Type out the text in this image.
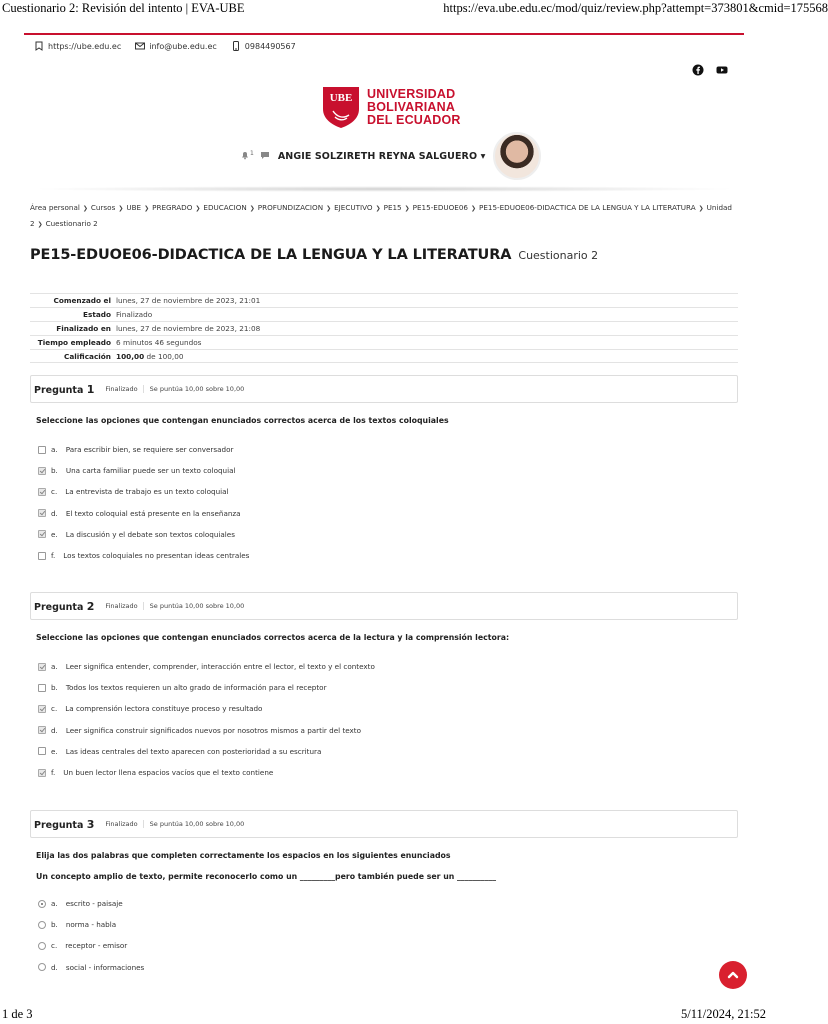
Cuestionario 2: Revisión del intento | EVA-UBE	https://eva.ube.edu.ec/mod/quiz/review.php?attempt=373801&cmid=175568
https://ube.edu.ec	info@ube.edu.ec	0984490567
UBE UNIVERSIDAD
BOLIVARIANA
DEL ECUADOR
$^1$	ANGIE SOLZIRETH REYNA SALGUERO ▾
Área personal ❯ Cursos ❯ UBE ❯ PREGRADO ❯ EDUCACION ❯ PROFUNDIZACION ❯ EJECUTIVO ❯ PE15 ❯ PE15-EDUOE06 ❯ PE15-EDUOE06-DIDACTICA DE LA LENGUA Y LA LITERATURA ❯ Unidad 2 ❯ Cuestionario 2
PE15-EDUOE06-DIDACTICA DE LA LENGUA Y LA LITERATURA Cuestionario 2
Comenzado el lunes, 27 de noviembre de 2023, 21:01
Estado Finalizado
Finalizado en lunes, 27 de noviembre de 2023, 21:08
Tiempo empleado 6 minutos 46 segundos
Calificación 100,00 de 100,00
Pregunta 1 Finalizado	Se puntúa 10,00 sobre 10,00
Seleccione las opciones que contengan enunciados correctos acerca de los textos coloquiales
a. Para escribir bien, se requiere ser conversador
b. Una carta familiar puede ser un texto coloquial
c. La entrevista de trabajo es un texto coloquial
d. El texto coloquial está presente en la enseñanza
e. La discusión y el debate son textos coloquiales
f. Los textos coloquiales no presentan ideas centrales
Pregunta 2 Finalizado	Se puntúa 10,00 sobre 10,00
Seleccione las opciones que contengan enunciados correctos acerca de la lectura y la comprensión lectora:
a. Leer significa entender, comprender, interacción entre el lector, el texto y el contexto
b. Todos los textos requieren un alto grado de información para el receptor
c. La comprensión lectora constituye proceso y resultado
d. Leer significa construir significados nuevos por nosotros mismos a partir del texto
e. Las ideas centrales del texto aparecen con posterioridad a su escritura
f. Un buen lector llena espacios vacíos que el texto contiene
Pregunta 3 Finalizado	Se puntúa 10,00 sobre 10,00
Elija las dos palabras que completen correctamente los espacios en los siguientes enunciados
Un concepto amplio de texto, permite reconocerlo como un _________pero también puede ser un __________
a. escrito - paisaje
b. norma - habla
c. receptor - emisor
d. social - informaciones
1 de 3	5/11/2024, 21:52
